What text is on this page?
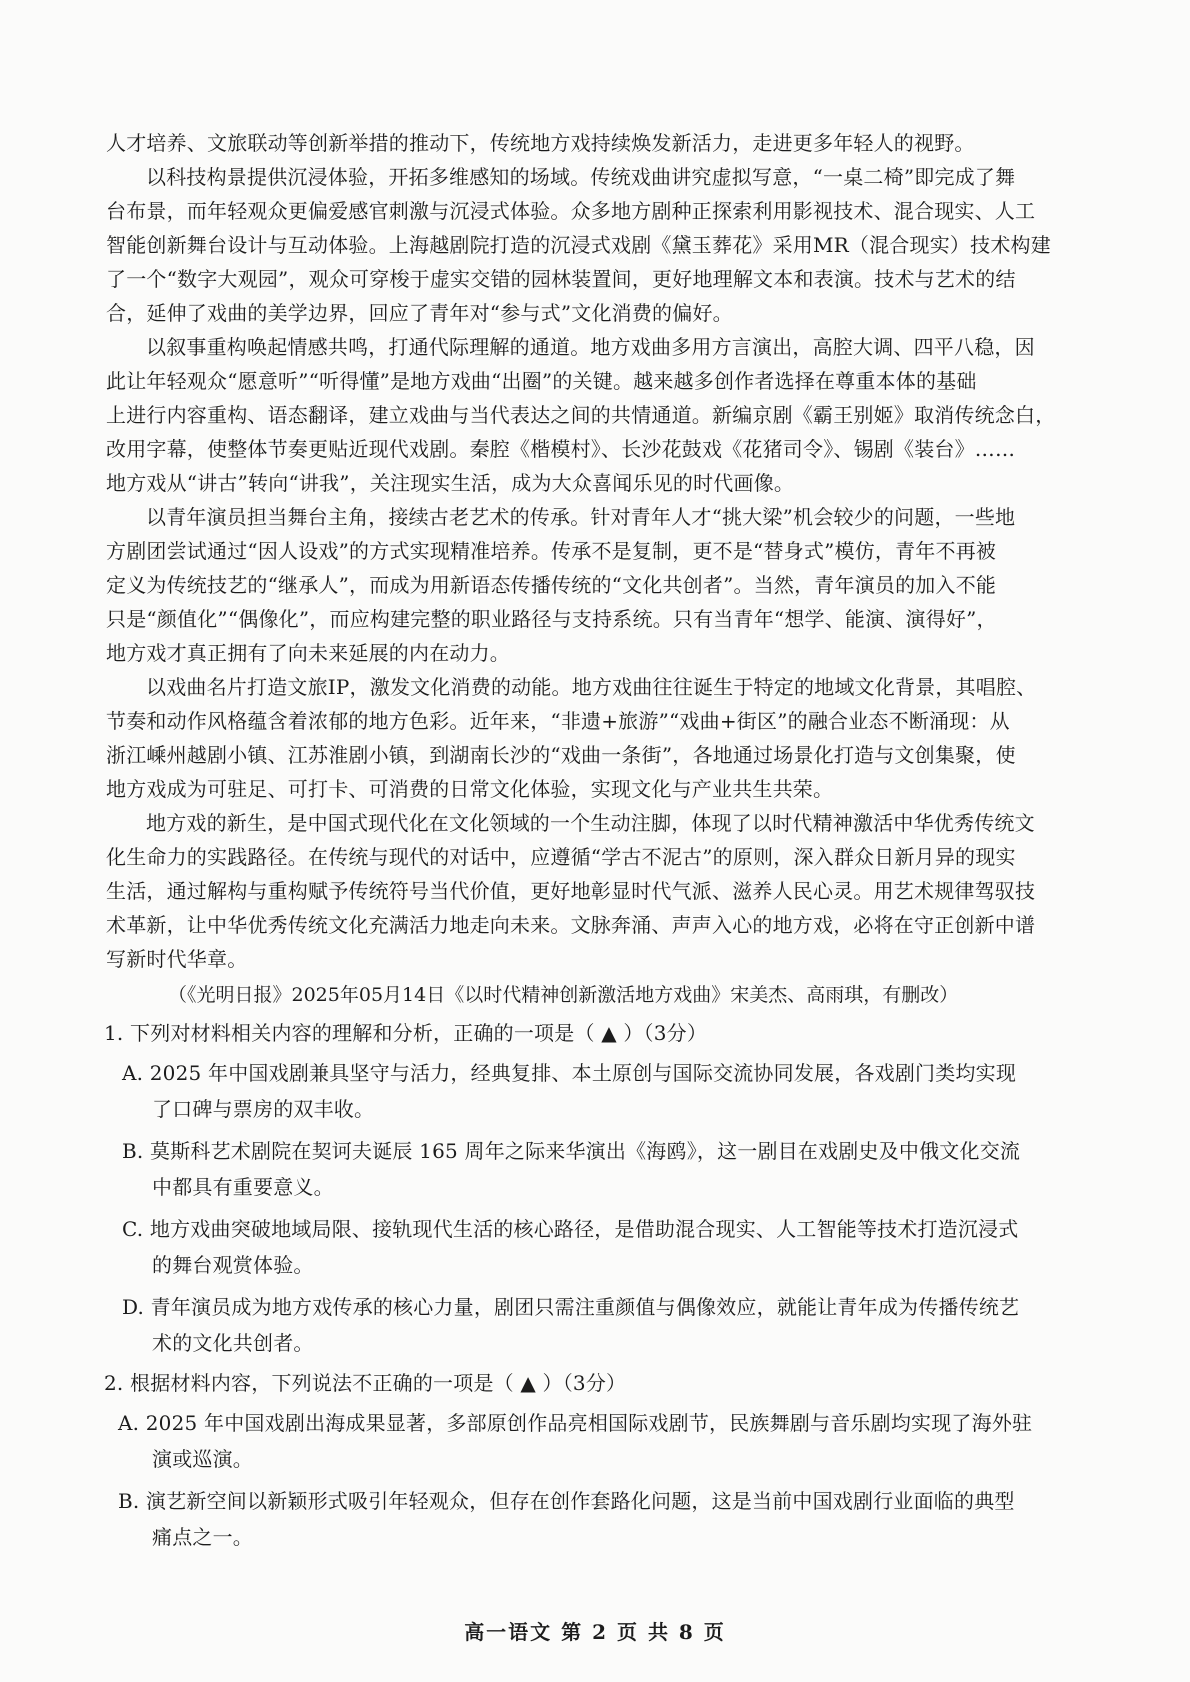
人才培养、文旅联动等创新举措的推动下，传统地方戏持续焕发新活力，走进更多年轻人的视野。
以科技构景提供沉浸体验，开拓多维感知的场域。传统戏曲讲究虚拟写意，“一桌二椅”即完成了舞
台布景，而年轻观众更偏爱感官刺激与沉浸式体验。众多地方剧种正探索利用影视技术、混合现实、人工
智能创新舞台设计与互动体验。上海越剧院打造的沉浸式戏剧《黛玉葬花》采用MR（混合现实）技术构建
了一个“数字大观园”，观众可穿梭于虚实交错的园林装置间，更好地理解文本和表演。技术与艺术的结
合，延伸了戏曲的美学边界，回应了青年对“参与式”文化消费的偏好。
以叙事重构唤起情感共鸣，打通代际理解的通道。地方戏曲多用方言演出，高腔大调、四平八稳，因
此让年轻观众“愿意听”“听得懂”是地方戏曲“出圈”的关键。越来越多创作者选择在尊重本体的基础
上进行内容重构、语态翻译，建立戏曲与当代表达之间的共情通道。新编京剧《霸王别姬》取消传统念白，
改用字幕，使整体节奏更贴近现代戏剧。秦腔《楷模村》、长沙花鼓戏《花猪司令》、锡剧《装台》……
地方戏从“讲古”转向“讲我”，关注现实生活，成为大众喜闻乐见的时代画像。
以青年演员担当舞台主角，接续古老艺术的传承。针对青年人才“挑大梁”机会较少的问题，一些地
方剧团尝试通过“因人设戏”的方式实现精准培养。传承不是复制，更不是“替身式”模仿，青年不再被
定义为传统技艺的“继承人”，而成为用新语态传播传统的“文化共创者”。当然，青年演员的加入不能
只是“颜值化”“偶像化”，而应构建完整的职业路径与支持系统。只有当青年“想学、能演、演得好”，
地方戏才真正拥有了向未来延展的内在动力。
以戏曲名片打造文旅IP，激发文化消费的动能。地方戏曲往往诞生于特定的地域文化背景，其唱腔、
节奏和动作风格蕴含着浓郁的地方色彩。近年来，“非遗+旅游”“戏曲+街区”的融合业态不断涌现：从
浙江嵊州越剧小镇、江苏淮剧小镇，到湖南长沙的“戏曲一条街”，各地通过场景化打造与文创集聚，使
地方戏成为可驻足、可打卡、可消费的日常文化体验，实现文化与产业共生共荣。
地方戏的新生，是中国式现代化在文化领域的一个生动注脚，体现了以时代精神激活中华优秀传统文
化生命力的实践路径。在传统与现代的对话中，应遵循“学古不泥古”的原则，深入群众日新月异的现实
生活，通过解构与重构赋予传统符号当代价值，更好地彰显时代气派、滋养人民心灵。用艺术规律驾驭技
术革新，让中华优秀传统文化充满活力地走向未来。文脉奔涌、声声入心的地方戏，必将在守正创新中谱
写新时代华章。
（《光明日报》2025年05月14日《以时代精神创新激活地方戏曲》宋美杰、高雨琪，有删改）
1. 下列对材料相关内容的理解和分析，正确的一项是（ ▲ ）（3分）
A. 2025 年中国戏剧兼具坚守与活力，经典复排、本土原创与国际交流协同发展，各戏剧门类均实现
了口碑与票房的双丰收。
B. 莫斯科艺术剧院在契诃夫诞辰 165 周年之际来华演出《海鸥》，这一剧目在戏剧史及中俄文化交流
中都具有重要意义。
C. 地方戏曲突破地域局限、接轨现代生活的核心路径，是借助混合现实、人工智能等技术打造沉浸式
的舞台观赏体验。
D. 青年演员成为地方戏传承的核心力量，剧团只需注重颜值与偶像效应，就能让青年成为传播传统艺
术的文化共创者。
2. 根据材料内容，下列说法不正确的一项是（ ▲ ）（3分）
A. 2025 年中国戏剧出海成果显著，多部原创作品亮相国际戏剧节，民族舞剧与音乐剧均实现了海外驻
演或巡演。
B. 演艺新空间以新颖形式吸引年轻观众，但存在创作套路化问题，这是当前中国戏剧行业面临的典型
痛点之一。
高一语文 第 2 页 共 8 页
